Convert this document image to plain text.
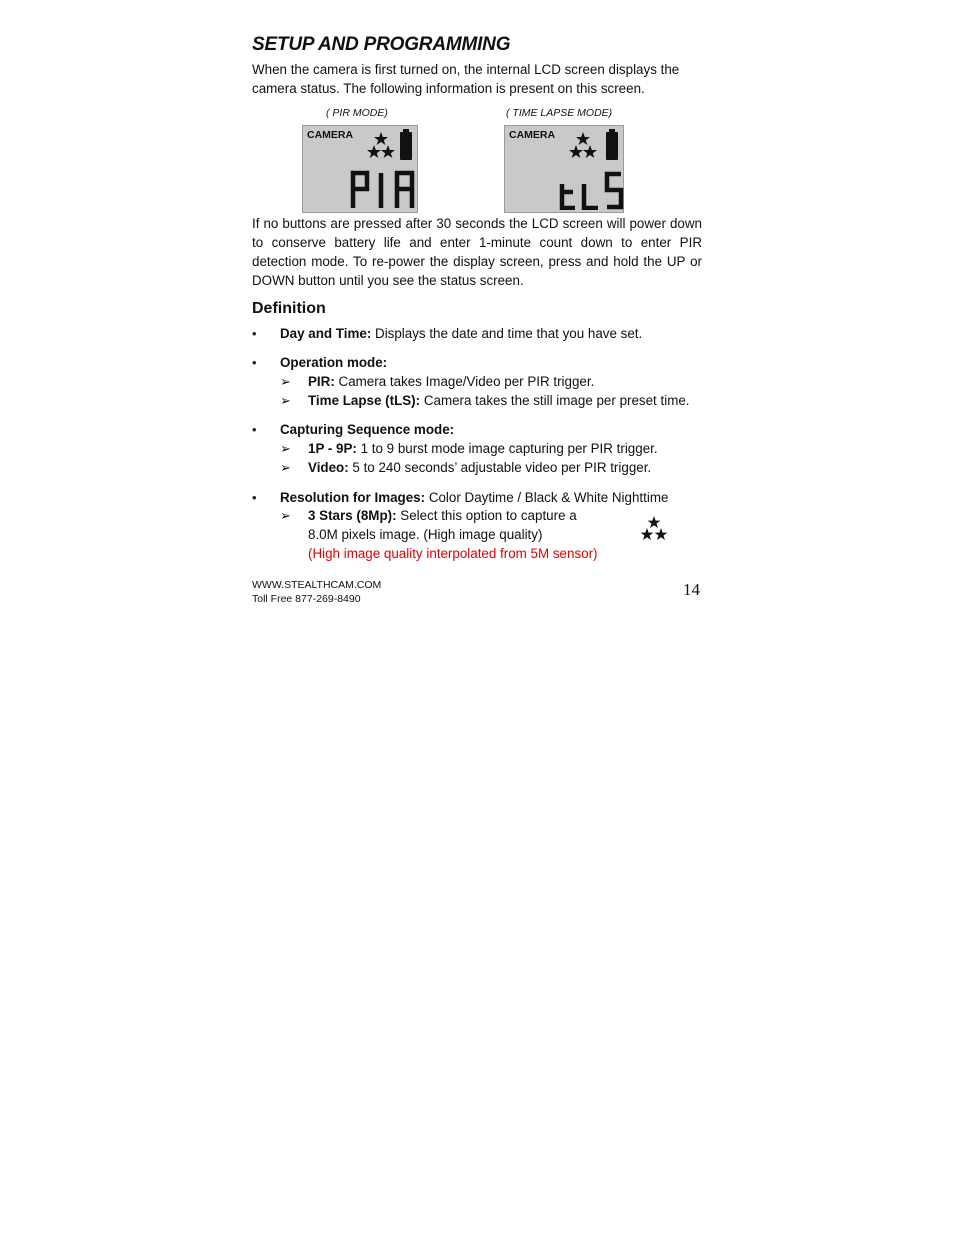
SETUP AND PROGRAMMING
When the camera is first turned on, the internal LCD screen displays the camera status. The following information is present on this screen.
( PIR MODE)	( TIME LAPSE MODE)
CAMERA
PIR
CAMERA
tLS
If no buttons are pressed after 30 seconds the LCD screen will power down to conserve battery life and enter 1-minute count down to enter PIR detection mode. To re-power the display screen, press and hold the UP or DOWN button until you see the status screen.
Definition
• Day and Time: Displays the date and time that you have set.
• Operation mode:
➢ PIR: Camera takes Image/Video per PIR trigger.
➢ Time Lapse (tLS): Camera takes the still image per preset time.
• Capturing Sequence mode:
➢ 1P - 9P: 1 to 9 burst mode image capturing per PIR trigger.
➢ Video: 5 to 240 seconds’ adjustable video per PIR trigger.
• Resolution for Images: Color Daytime / Black & White Nighttime
➢ 3 Stars (8Mp): Select this option to capture a
8.0M pixels image. (High image quality)
(High image quality interpolated from 5M sensor)
WWW.STEALTHCAM.COM
Toll Free 877-269-8490	14
